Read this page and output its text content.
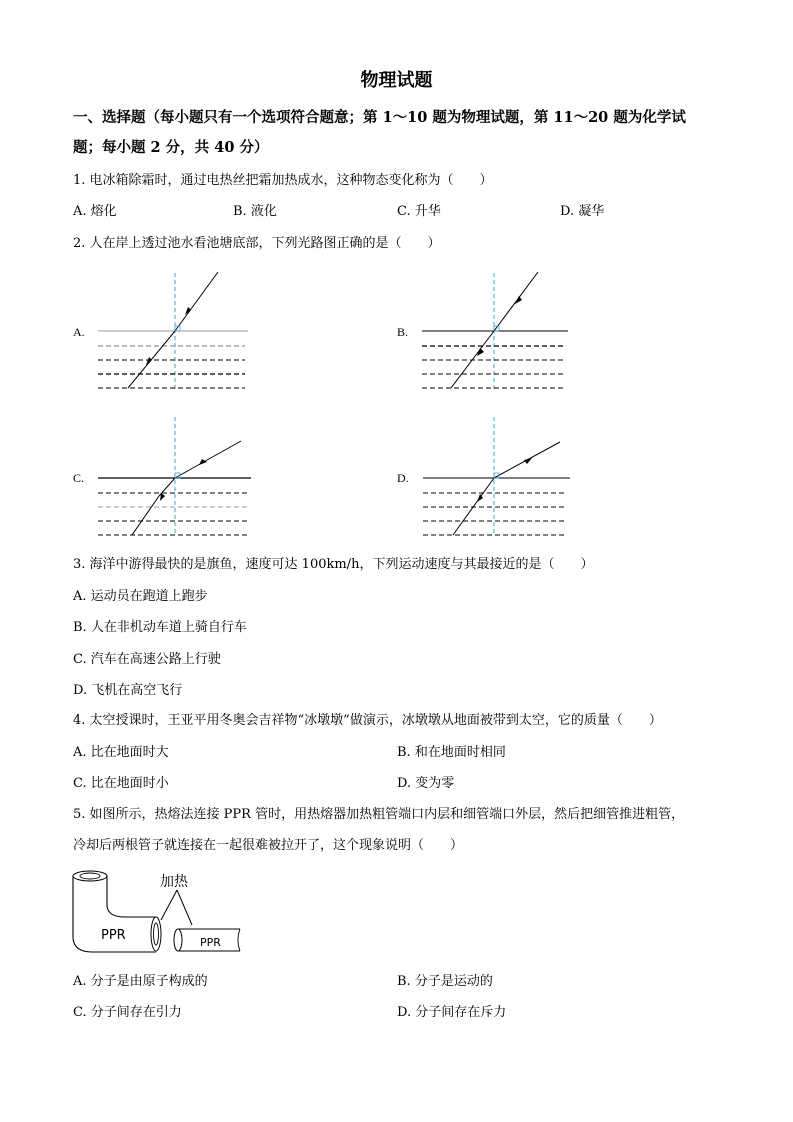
物理试题
一、选择题（每小题只有一个选项符合题意；第 1～10 题为物理试题，第 11～20 题为化学试
题；每小题 2 分，共 40 分）
1. 电冰箱除霜时，通过电热丝把霜加热成水，这种物态变化称为（　　）
A. 熔化	B. 液化	C. 升华	D. 凝华
2. 人在岸上透过池水看池塘底部，下列光路图正确的是（　　）
A.	B.
C.	D.
3. 海洋中游得最快的是旗鱼，速度可达 100km/h，下列运动速度与其最接近的是（　　）
A. 运动员在跑道上跑步
B. 人在非机动车道上骑自行车
C. 汽车在高速公路上行驶
D. 飞机在高空飞行
4. 太空授课时，王亚平用冬奥会吉祥物“冰墩墩”做演示，冰墩墩从地面被带到太空，它的质量（　　）
A. 比在地面时大	B. 和在地面时相同
C. 比在地面时小	D. 变为零
5. 如图所示，热熔法连接 PPR 管时，用热熔器加热粗管端口内层和细管端口外层，然后把细管推进粗管，
冷却后两根管子就连接在一起很难被拉开了，这个现象说明（　　）
加热
PPR	PPR
A. 分子是由原子构成的	B. 分子是运动的
C. 分子间存在引力	D. 分子间存在斥力
